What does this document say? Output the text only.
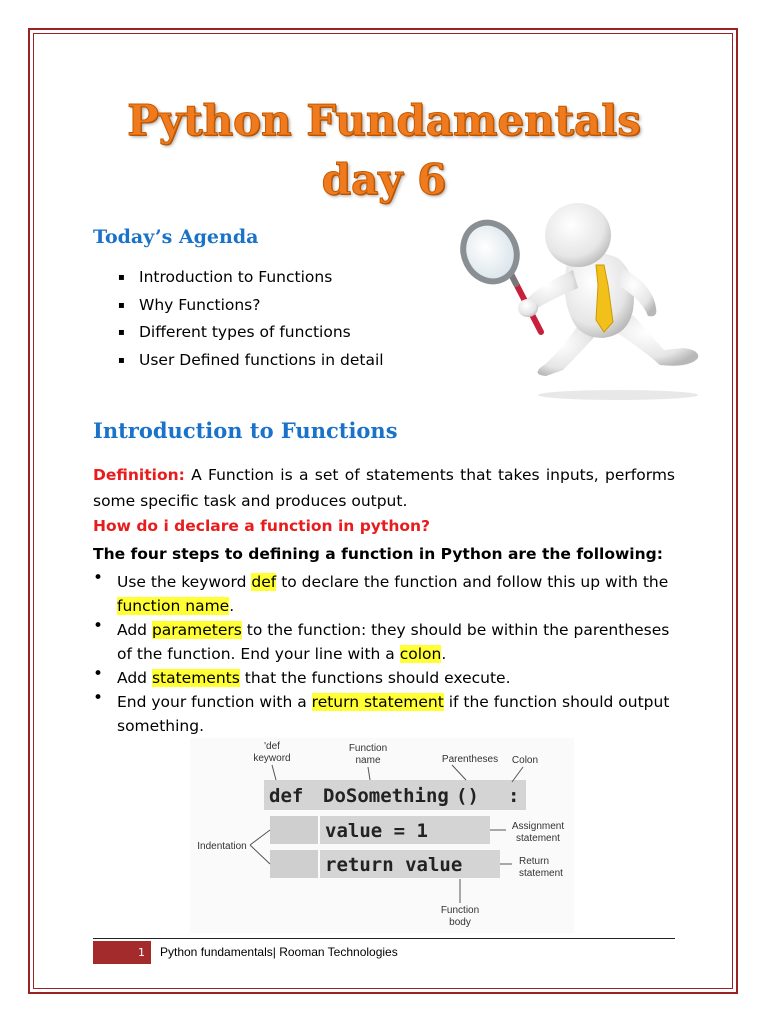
Python Fundamentals
day 6
Today’s Agenda
▪ Introduction to Functions
▪ Why Functions?
▪ Different types of functions
▪ User Defined functions in detail
Introduction to Functions
Definition: A Function is a set of statements that takes inputs, performs some specific task and produces output.
How do i declare a function in python?
The four steps to defining a function in Python are the following:
• Use the keyword def to declare the function and follow this up with the function name.
• Add parameters to the function: they should be within the parentheses of the function. End your line with a colon.
• Add statements that the functions should execute.
• End your function with a return statement if the function should output something.
def DoSomething () :
value = 1
return value
'def
keyword
Function
name	Parentheses Colon
Indentation
Assignment
statement
Return
statement
Function
body
1	Python fundamentals| Rooman Technologies
